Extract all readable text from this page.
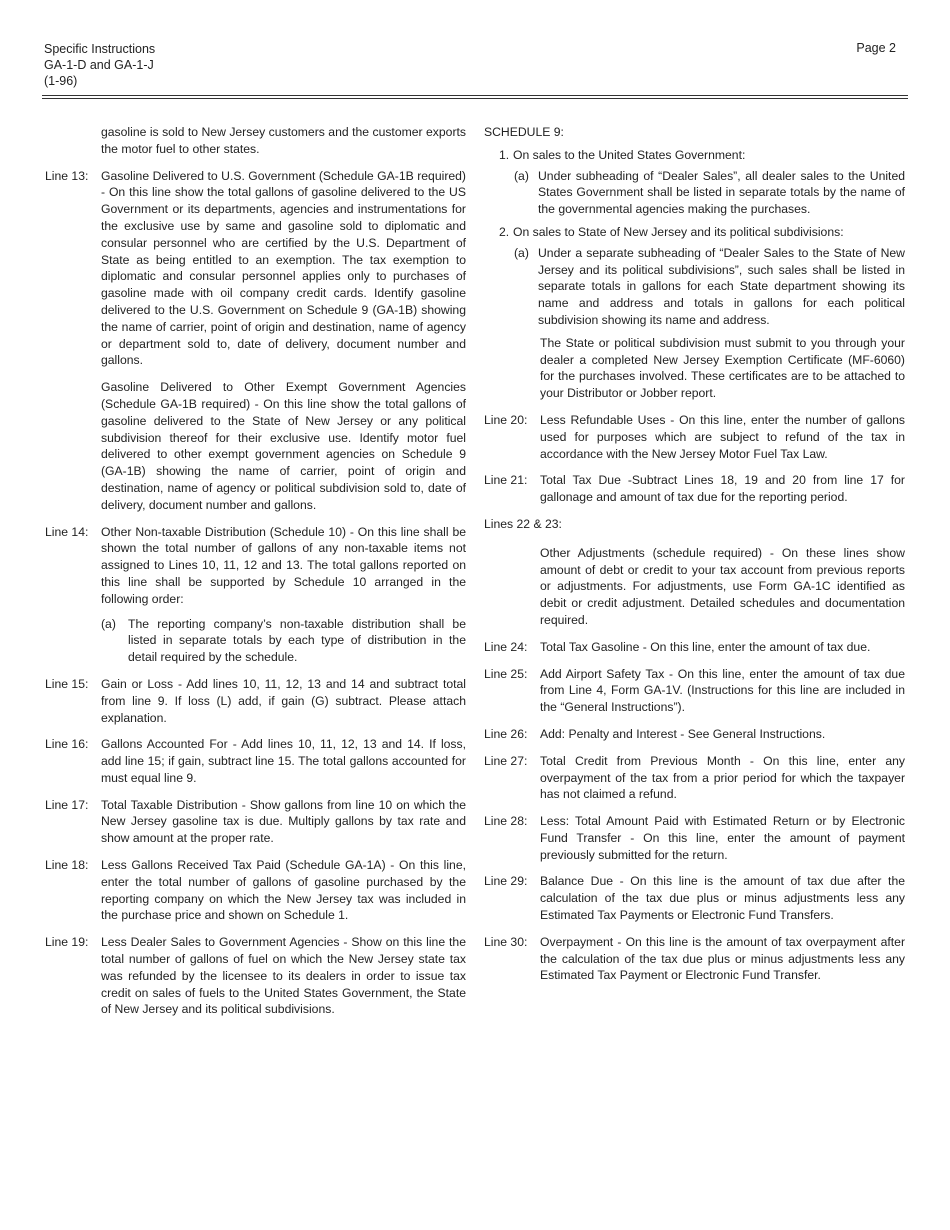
Specific Instructions
GA-1-D and GA-1-J
(1-96)
Page 2
gasoline is sold to New Jersey customers and the customer exports the motor fuel to other states.
Line 13:	Gasoline Delivered to U.S. Government (Schedule GA-1B required) - On this line show the total gallons of gasoline delivered to the US Government or its departments, agencies and instrumentations for the exclusive use by same and gasoline sold to diplomatic and consular personnel who are certified by the U.S. Department of State as being entitled to an exemption. The tax exemption to diplomatic and consular personnel applies only to purchases of gasoline made with oil company credit cards. Identify gasoline delivered to the U.S. Government on Schedule 9 (GA-1B) showing the name of carrier, point of origin and destination, name of agency or department sold to, date of delivery, document number and gallons.
Gasoline Delivered to Other Exempt Government Agencies (Schedule GA-1B required) - On this line show the total gallons of gasoline delivered to the State of New Jersey or any political subdivision thereof for their exclusive use. Identify motor fuel delivered to other exempt government agencies on Schedule 9 (GA-1B) showing the name of carrier, point of origin and destination, name of agency or political subdivision sold to, date of delivery, document number and gallons.
Line 14:	Other Non-taxable Distribution (Schedule 10) - On this line shall be shown the total number of gallons of any non-taxable items not assigned to Lines 10, 11, 12 and 13. The total gallons reported on this line shall be supported by Schedule 10 arranged in the following order:
(a) The reporting company’s non-taxable distribution shall be listed in separate totals by each type of distribution in the detail required by the schedule.
Line 15:	Gain or Loss - Add lines 10, 11, 12, 13 and 14 and subtract total from line 9. If loss (L) add, if gain (G) subtract. Please attach explanation.
Line 16:	Gallons Accounted For - Add lines 10, 11, 12, 13 and 14. If loss, add line 15; if gain, subtract line 15. The total gallons accounted for must equal line 9.
Line 17:	Total Taxable Distribution - Show gallons from line 10 on which the New Jersey gasoline tax is due. Multiply gallons by tax rate and show amount at the proper rate.
Line 18:	Less Gallons Received Tax Paid (Schedule GA-1A) - On this line, enter the total number of gallons of gasoline purchased by the reporting company on which the New Jersey tax was included in the purchase price and shown on Schedule 1.
Line 19:	Less Dealer Sales to Government Agencies - Show on this line the total number of gallons of fuel on which the New Jersey state tax was refunded by the licensee to its dealers in order to issue tax credit on sales of fuels to the United States Government, the State of New Jersey and its political subdivisions.
SCHEDULE 9:
1. On sales to the United States Government:
(a) Under subheading of “Dealer Sales”, all dealer sales to the United States Government shall be listed in separate totals by the name of the governmental agencies making the purchases.
2. On sales to State of New Jersey and its political subdivisions:
(a) Under a separate subheading of “Dealer Sales to the State of New Jersey and its political subdivisions”, such sales shall be listed in separate totals in gallons for each State department showing its name and address and totals in gallons for each political subdivision showing its name and address.
The State or political subdivision must submit to you through your dealer a completed New Jersey Exemption Certificate (MF-6060) for the purchases involved. These certificates are to be attached to your Distributor or Jobber report.
Line 20:	Less Refundable Uses - On this line, enter the number of gallons used for purposes which are subject to refund of the tax in accordance with the New Jersey Motor Fuel Tax Law.
Line 21:	Total Tax Due -Subtract Lines 18, 19 and 20 from line 17 for gallonage and amount of tax due for the reporting period.
Lines 22 & 23:
Other Adjustments (schedule required) - On these lines show amount of debt or credit to your tax account from previous reports or adjustments. For adjustments, use Form GA-1C identified as debit or credit adjustment. Detailed schedules and documentation required.
Line 24:	Total Tax Gasoline - On this line, enter the amount of tax due.
Line 25:	Add Airport Safety Tax - On this line, enter the amount of tax due from Line 4, Form GA-1V. (Instructions for this line are included in the “General Instructions”).
Line 26:	Add: Penalty and Interest - See General Instructions.
Line 27:	Total Credit from Previous Month - On this line, enter any overpayment of the tax from a prior period for which the taxpayer has not claimed a refund.
Line 28:	Less: Total Amount Paid with Estimated Return or by Electronic Fund Transfer - On this line, enter the amount of payment previously submitted for the return.
Line 29:	Balance Due - On this line is the amount of tax due after the calculation of the tax due plus or minus adjustments less any Estimated Tax Payments or Electronic Fund Transfers.
Line 30:	Overpayment - On this line is the amount of tax overpayment after the calculation of the tax due plus or minus adjustments less any Estimated Tax Payment or Electronic Fund Transfer.
